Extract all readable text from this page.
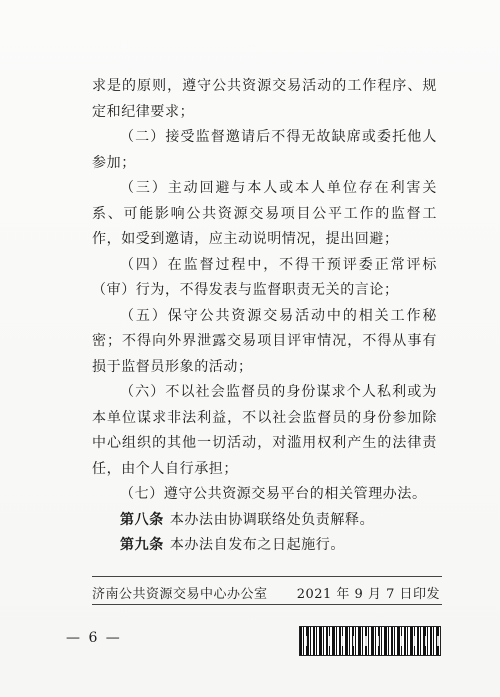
求是的原则，遵守公共资源交易活动的工作程序、规定和纪律要求；

（二）接受监督邀请后不得无故缺席或委托他人参加；

（三）主动回避与本人或本人单位存在利害关系、可能影响公共资源交易项目公平工作的监督工作，如受到邀请，应主动说明情况，提出回避；

（四）在监督过程中，不得干预评委正常评标（审）行为，不得发表与监督职责无关的言论；

（五）保守公共资源交易活动中的相关工作秘密；不得向外界泄露交易项目评审情况，不得从事有损于监督员形象的活动；

（六）不以社会监督员的身份谋求个人私利或为本单位谋求非法利益，不以社会监督员的身份参加除中心组织的其他一切活动，对滥用权利产生的法律责任，由个人自行承担；

（七）遵守公共资源交易平台的相关管理办法。

第八条 本办法由协调联络处负责解释。

第九条 本办法自发布之日起施行。

济南公共资源交易中心办公室 2021 年 9 月 7 日印发
— 6 —
